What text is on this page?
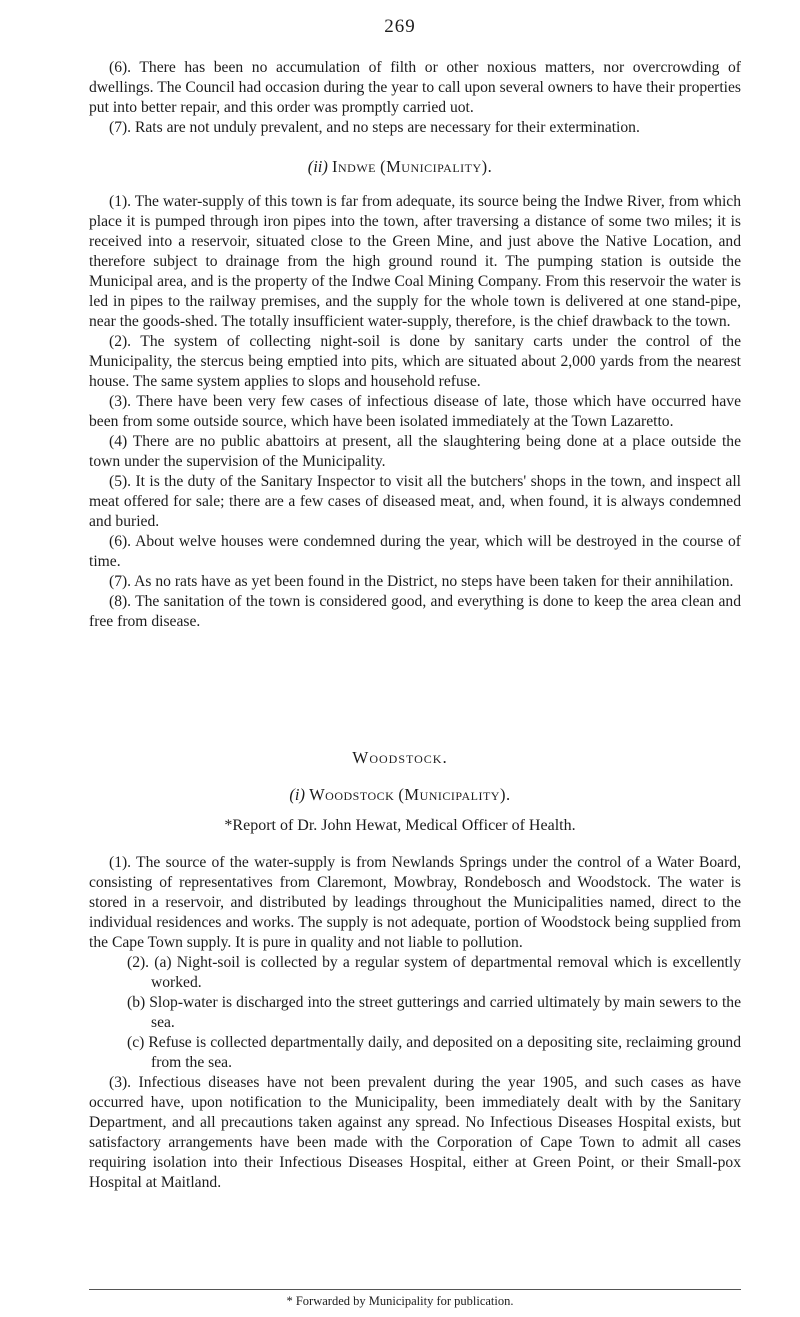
269

(6). There has been no accumulation of filth or other noxious matters, nor overcrowding of dwellings. The Council had occasion during the year to call upon several owners to have their properties put into better repair, and this order was promptly carried uot.

(7). Rats are not unduly prevalent, and no steps are necessary for their extermination.

(ii) Indwe (Municipality).

(1). The water-supply of this town is far from adequate, its source being the Indwe River, from which place it is pumped through iron pipes into the town, after traversing a distance of some two miles; it is received into a reservoir, situated close to the Green Mine, and just above the Native Location, and therefore subject to drainage from the high ground round it. The pumping station is outside the Municipal area, and is the property of the Indwe Coal Mining Company. From this reservoir the water is led in pipes to the railway premises, and the supply for the whole town is delivered at one stand-pipe, near the goods-shed. The totally insufficient water-supply, therefore, is the chief drawback to the town.

(2). The system of collecting night-soil is done by sanitary carts under the control of the Municipality, the stercus being emptied into pits, which are situated about 2,000 yards from the nearest house. The same system applies to slops and household refuse.

(3). There have been very few cases of infectious disease of late, those which have occurred have been from some outside source, which have been isolated immediately at the Town Lazaretto.

(4) There are no public abattoirs at present, all the slaughtering being done at a place outside the town under the supervision of the Municipality.

(5). It is the duty of the Sanitary Inspector to visit all the butchers' shops in the town, and inspect all meat offered for sale; there are a few cases of diseased meat, and, when found, it is always condemned and buried.

(6). About welve houses were condemned during the year, which will be destroyed in the course of time.

(7). As no rats have as yet been found in the District, no steps have been taken for their annihilation.

(8). The sanitation of the town is considered good, and everything is done to keep the area clean and free from disease.

Woodstock.
(i) Woodstock (Municipality).
*Report of Dr. John Hewat, Medical Officer of Health.

(1). The source of the water-supply is from Newlands Springs under the control of a Water Board, consisting of representatives from Claremont, Mowbray, Rondebosch and Woodstock. The water is stored in a reservoir, and distributed by leadings throughout the Municipalities named, direct to the individual residences and works. The supply is not adequate, portion of Woodstock being supplied from the Cape Town supply. It is pure in quality and not liable to pollution.

(2). (a) Night-soil is collected by a regular system of departmental removal which is excellently worked.

(b) Slop-water is discharged into the street gutterings and carried ultimately by main sewers to the sea.

(c) Refuse is collected departmentally daily, and deposited on a depositing site, reclaiming ground from the sea.

(3). Infectious diseases have not been prevalent during the year 1905, and such cases as have occurred have, upon notification to the Municipality, been immediately dealt with by the Sanitary Department, and all precautions taken against any spread. No Infectious Diseases Hospital exists, but satisfactory arrangements have been made with the Corporation of Cape Town to admit all cases requiring isolation into their Infectious Diseases Hospital, either at Green Point, or their Small-pox Hospital at Maitland.

* Forwarded by Municipality for publication.
